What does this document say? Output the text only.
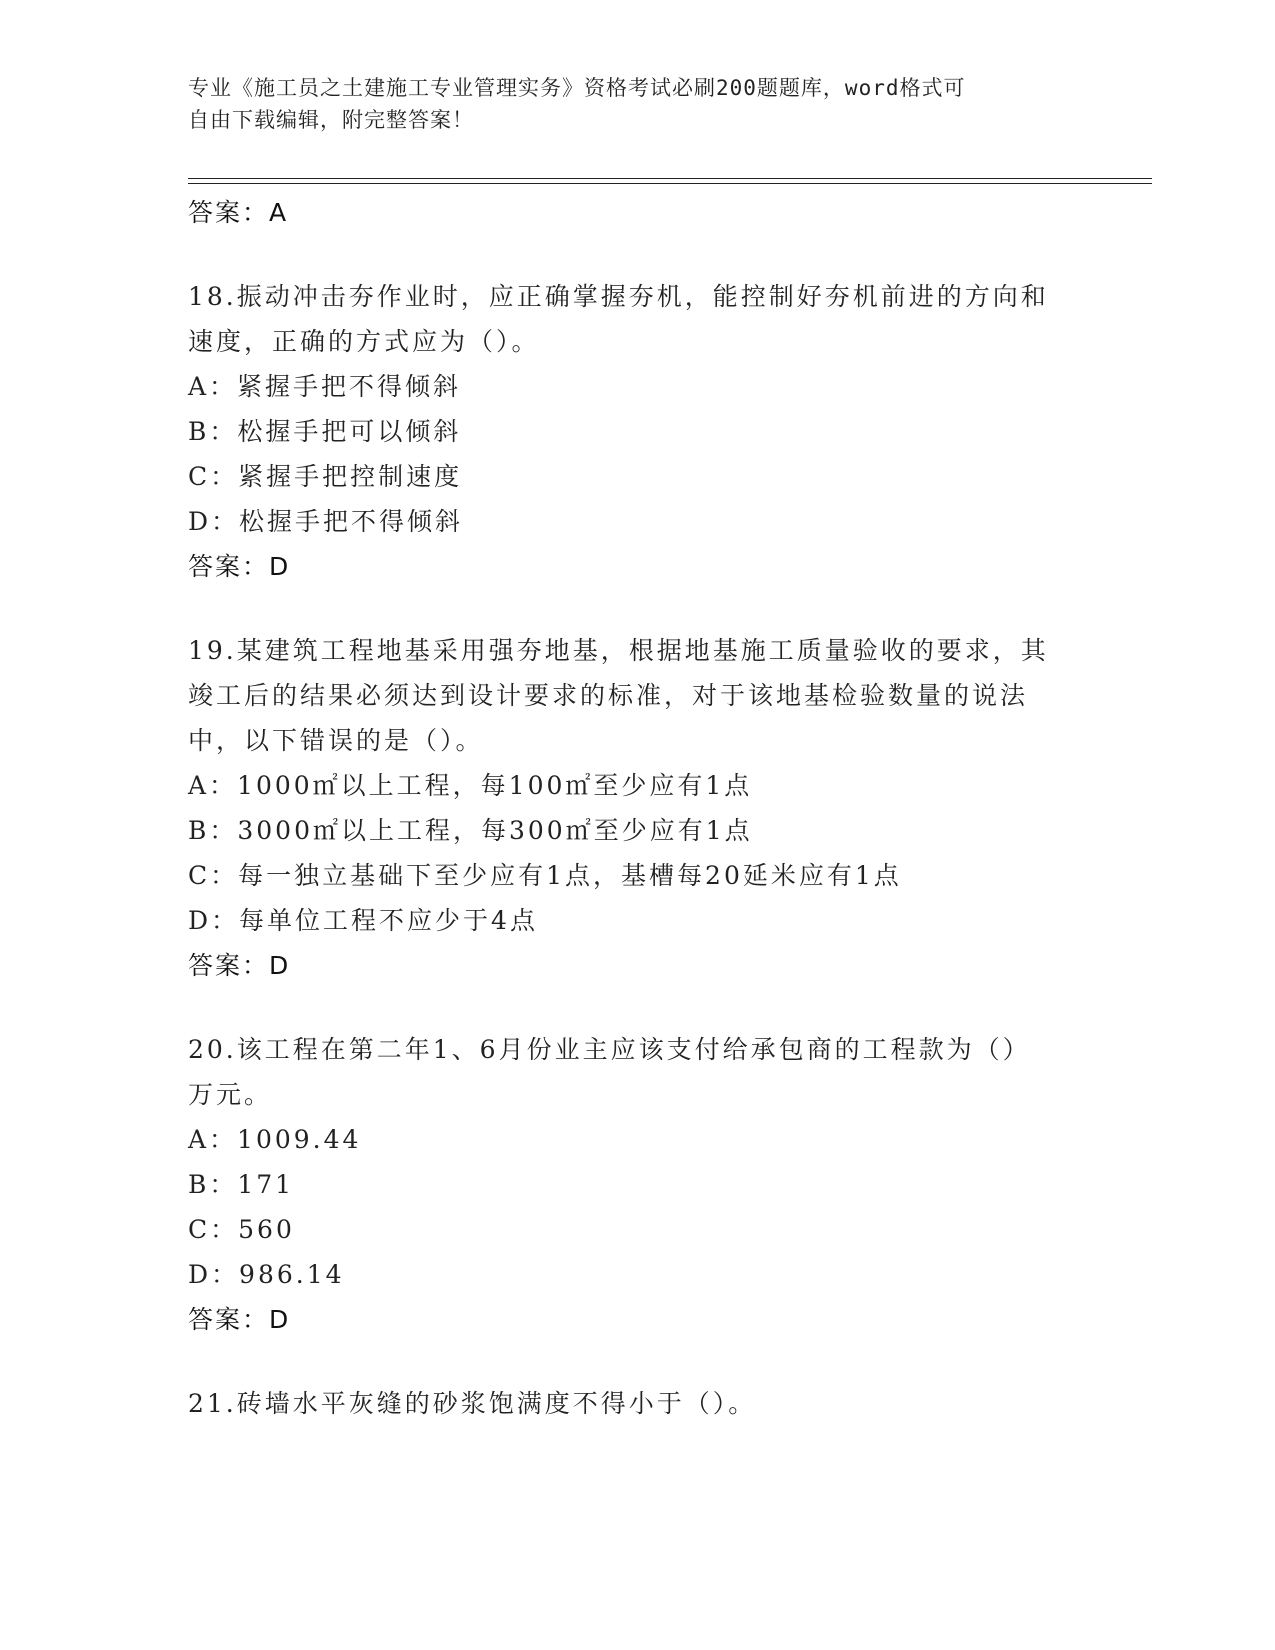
专业《施工员之土建施工专业管理实务》资格考试必刷200题题库，word格式可
自由下载编辑，附完整答案！
答案：A
18.振动冲击夯作业时，应正确掌握夯机，能控制好夯机前进的方向和
速度，正确的方式应为（）。
A：紧握手把不得倾斜
B：松握手把可以倾斜
C：紧握手把控制速度
D：松握手把不得倾斜
答案：D
19.某建筑工程地基采用强夯地基，根据地基施工质量验收的要求，其
竣工后的结果必须达到设计要求的标准，对于该地基检验数量的说法
中，以下错误的是（）。
A：1000㎡以上工程，每100㎡至少应有1点
B：3000㎡以上工程，每300㎡至少应有1点
C：每一独立基础下至少应有1点，基槽每20延米应有1点
D：每单位工程不应少于4点
答案：D
20.该工程在第二年1、6月份业主应该支付给承包商的工程款为（）
万元。
A：1009.44
B：171
C：560
D：986.14
答案：D
21.砖墙水平灰缝的砂浆饱满度不得小于（）。
